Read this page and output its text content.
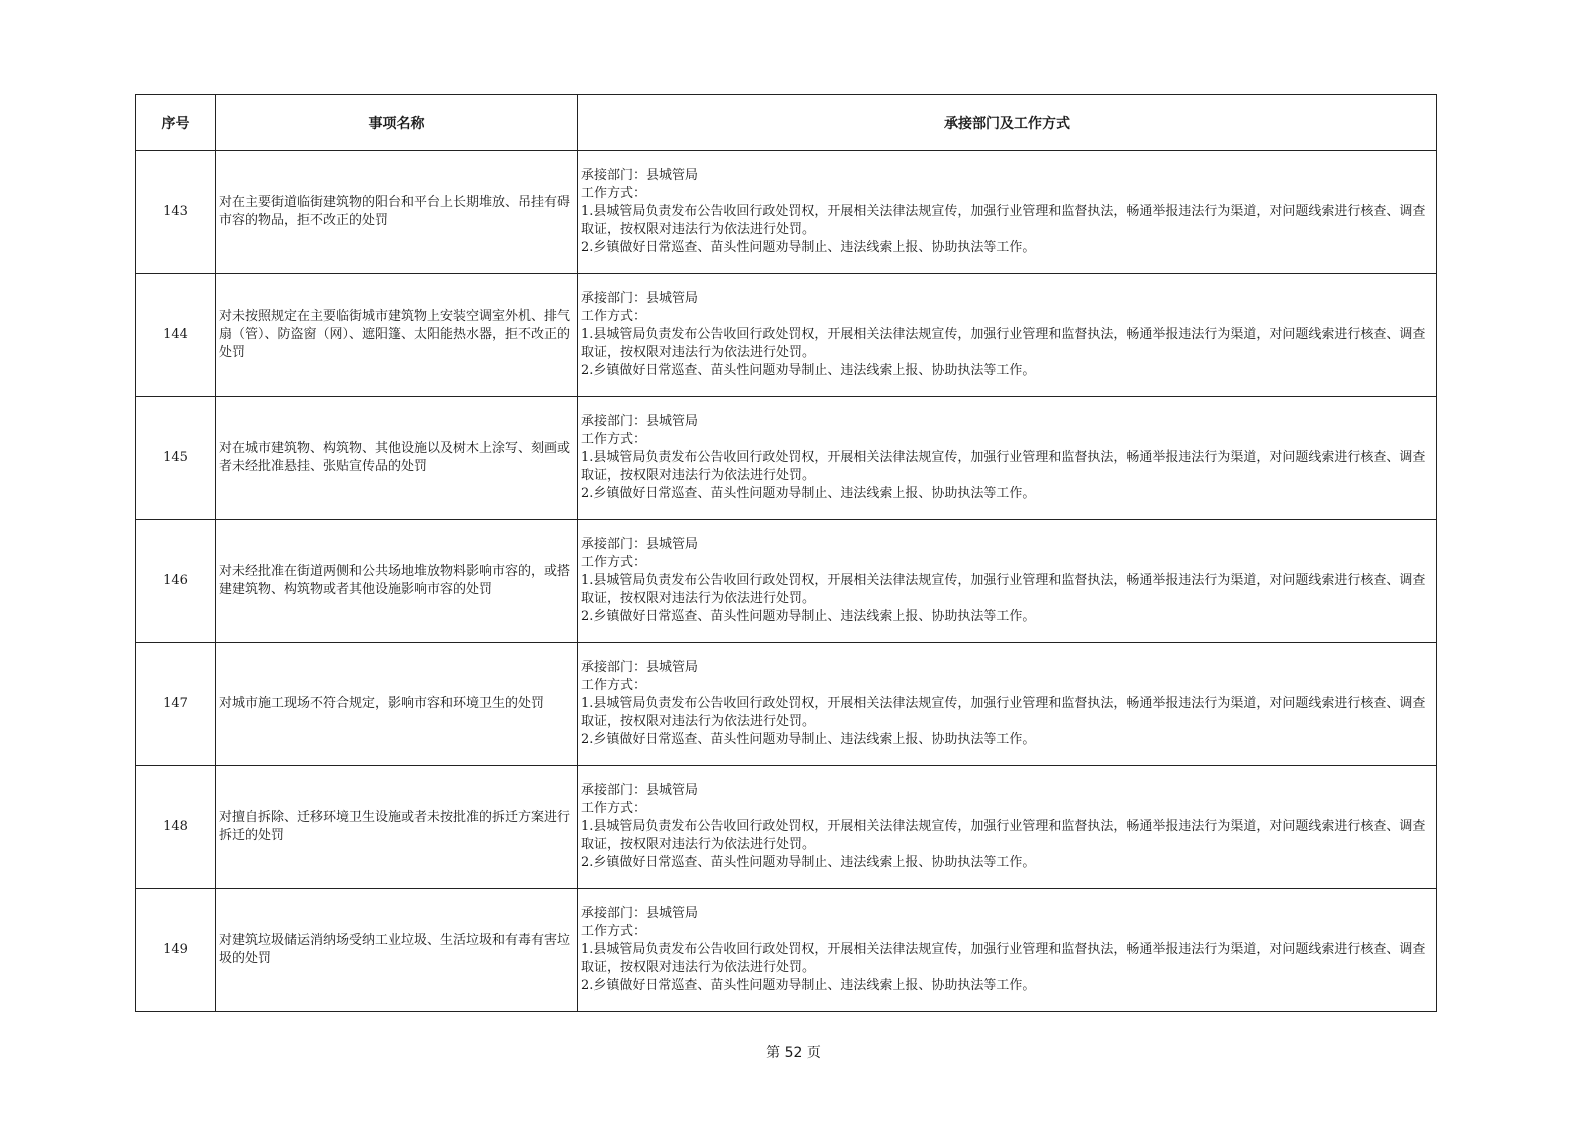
序号	事项名称	承接部门及工作方式
143	对在主要街道临街建筑物的阳台和平台上长期堆放、吊挂有碍市容的物品，拒不改正的处罚	承接部门：县城管局
工作方式：
1.县城管局负责发布公告收回行政处罚权，开展相关法律法规宣传，加强行业管理和监督执法，畅通举报违法行为渠道，对问题线索进行核查、调查取证，按权限对违法行为依法进行处罚。
2.乡镇做好日常巡查、苗头性问题劝导制止、违法线索上报、协助执法等工作。

144	对未按照规定在主要临街城市建筑物上安装空调室外机、排气扇（管）、防盗窗（网）、遮阳篷、太阳能热水器，拒不改正的处罚	承接部门：县城管局
工作方式：
1.县城管局负责发布公告收回行政处罚权，开展相关法律法规宣传，加强行业管理和监督执法，畅通举报违法行为渠道，对问题线索进行核查、调查取证，按权限对违法行为依法进行处罚。
2.乡镇做好日常巡查、苗头性问题劝导制止、违法线索上报、协助执法等工作。

145	对在城市建筑物、构筑物、其他设施以及树木上涂写、刻画或者未经批准悬挂、张贴宣传品的处罚	承接部门：县城管局
工作方式：
1.县城管局负责发布公告收回行政处罚权，开展相关法律法规宣传，加强行业管理和监督执法，畅通举报违法行为渠道，对问题线索进行核查、调查取证，按权限对违法行为依法进行处罚。
2.乡镇做好日常巡查、苗头性问题劝导制止、违法线索上报、协助执法等工作。

146	对未经批准在街道两侧和公共场地堆放物料影响市容的，或搭建建筑物、构筑物或者其他设施影响市容的处罚	承接部门：县城管局
工作方式：
1.县城管局负责发布公告收回行政处罚权，开展相关法律法规宣传，加强行业管理和监督执法，畅通举报违法行为渠道，对问题线索进行核查、调查取证，按权限对违法行为依法进行处罚。
2.乡镇做好日常巡查、苗头性问题劝导制止、违法线索上报、协助执法等工作。

147	对城市施工现场不符合规定，影响市容和环境卫生的处罚	承接部门：县城管局
工作方式：
1.县城管局负责发布公告收回行政处罚权，开展相关法律法规宣传，加强行业管理和监督执法，畅通举报违法行为渠道，对问题线索进行核查、调查取证，按权限对违法行为依法进行处罚。
2.乡镇做好日常巡查、苗头性问题劝导制止、违法线索上报、协助执法等工作。

148	对擅自拆除、迁移环境卫生设施或者未按批准的拆迁方案进行拆迁的处罚	承接部门：县城管局
工作方式：
1.县城管局负责发布公告收回行政处罚权，开展相关法律法规宣传，加强行业管理和监督执法，畅通举报违法行为渠道，对问题线索进行核查、调查取证，按权限对违法行为依法进行处罚。
2.乡镇做好日常巡查、苗头性问题劝导制止、违法线索上报、协助执法等工作。

149	对建筑垃圾储运消纳场受纳工业垃圾、生活垃圾和有毒有害垃圾的处罚	承接部门：县城管局
工作方式：
1.县城管局负责发布公告收回行政处罚权，开展相关法律法规宣传，加强行业管理和监督执法，畅通举报违法行为渠道，对问题线索进行核查、调查取证，按权限对违法行为依法进行处罚。
2.乡镇做好日常巡查、苗头性问题劝导制止、违法线索上报、协助执法等工作。
第 52 页
